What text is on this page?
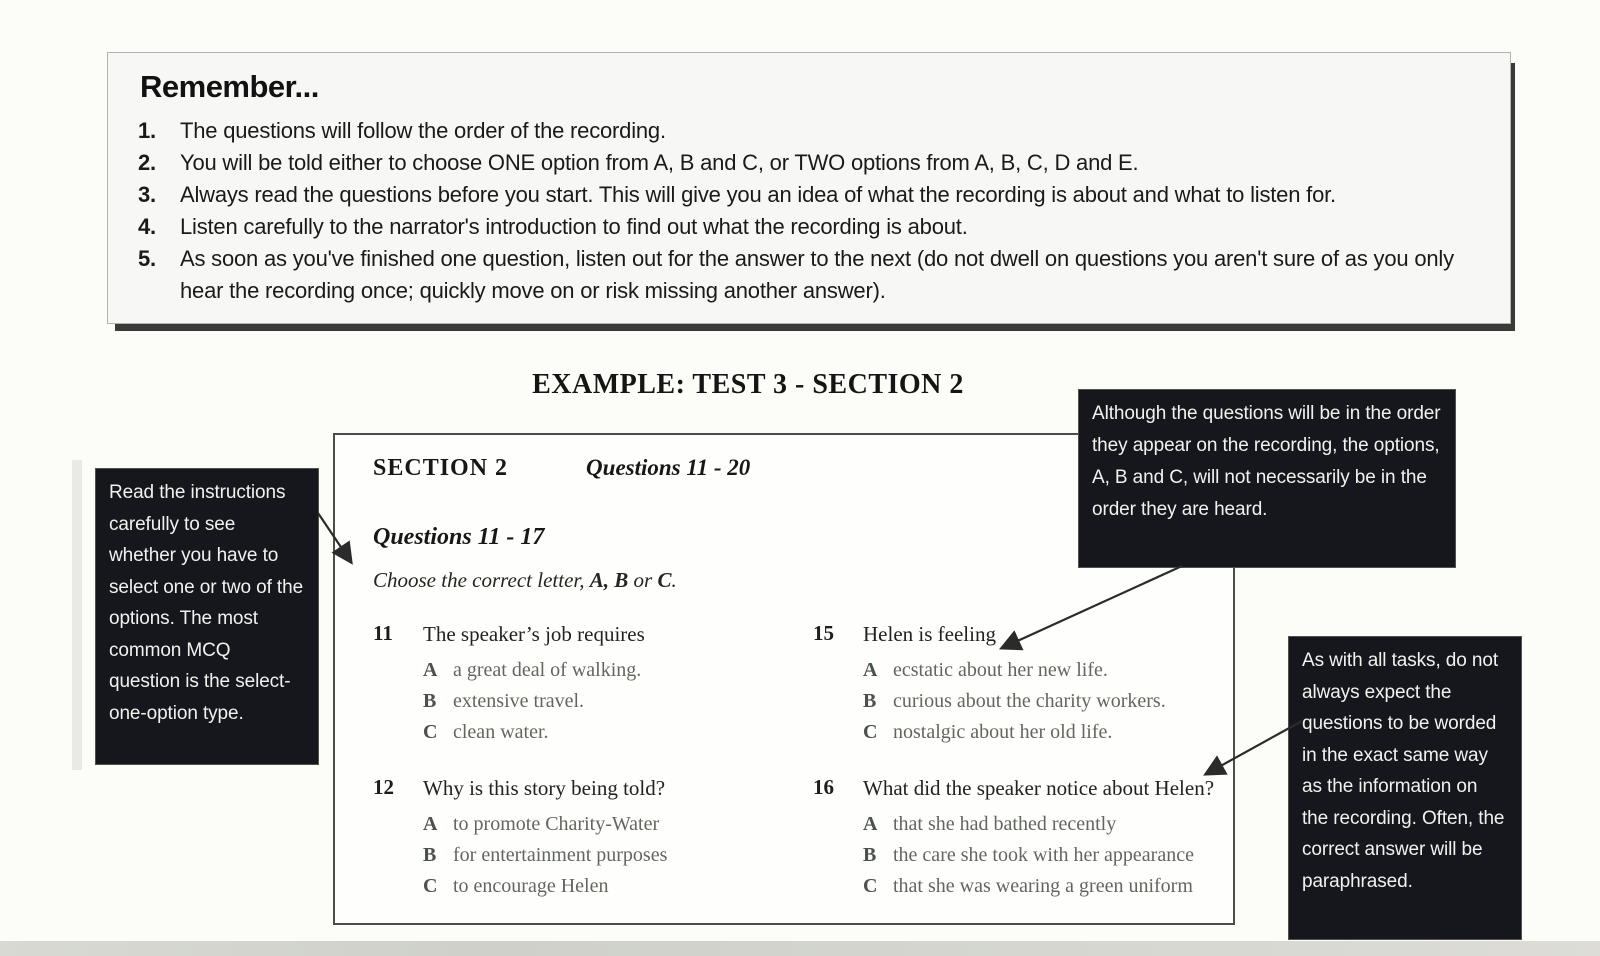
Remember...
1.	The questions will follow the order of the recording.
2.	You will be told either to choose ONE option from A, B and C, or TWO options from A, B, C, D and E.
3.	Always read the questions before you start. This will give you an idea of what the recording is about and what to listen for.
4.	Listen carefully to the narrator's introduction to find out what the recording is about.
5.	As soon as you've finished one question, listen out for the answer to the next (do not dwell on questions you aren't sure of as you only hear the recording once; quickly move on or risk missing another answer).
EXAMPLE: TEST 3 - SECTION 2
SECTION 2	Questions 11 - 20
Questions 11 - 17
Choose the correct letter, A, B or C.
11	The speaker’s job requires
A a great deal of walking.
B extensive travel.
C clean water.
15	Helen is feeling
A ecstatic about her new life.
B curious about the charity workers.
C nostalgic about her old life.
12	Why is this story being told?
A to promote Charity-Water
B for entertainment purposes
C to encourage Helen
16	What did the speaker notice about Helen?
A that she had bathed recently
B the care she took with her appearance
C that she was wearing a green uniform
Read the instructions carefully to see whether you have to select one or two of the options. The most common MCQ question is the select-one-option type.
Although the questions will be in the order they appear on the recording, the options, A, B and C, will not necessarily be in the order they are heard.
As with all tasks, do not always expect the questions to be worded in the exact same way as the information on the recording. Often, the correct answer will be paraphrased.
